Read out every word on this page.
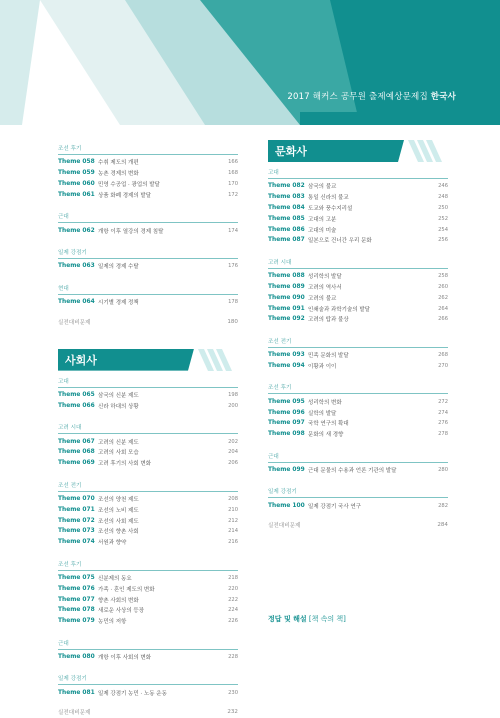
2017 해커스 공무원 출제예상문제집 한국사
조선 후기
Theme 058 수취 제도의 개편	166
Theme 059 농촌 경제의 변화	168
Theme 060 민영 수공업 · 광업의 발달	170
Theme 061 상품 화폐 경제의 발달	172
근대
Theme 062 개항 이후 열강의 경제 침탈	174
일제 강점기
Theme 063 일제의 경제 수탈	176
현대
Theme 064 시기별 경제 정책	178
실전대비문제	180
사회사
고대
Theme 065 삼국의 신분 제도	198
Theme 066 신라 하대의 상황	200
고려 시대
Theme 067 고려의 신분 제도	202
Theme 068 고려의 사회 모습	204
Theme 069 고려 후기의 사회 변화	206
조선 전기
Theme 070 조선의 양천 제도	208
Theme 071 조선의 노비 제도	210
Theme 072 조선의 사회 제도	212
Theme 073 조선의 향촌 사회	214
Theme 074 서원과 향약	216
조선 후기
Theme 075 신분제의 동요	218
Theme 076 가족 · 혼인 제도의 변화	220
Theme 077 향촌 사회의 변화	222
Theme 078 새로운 사상의 등장	224
Theme 079 농민의 저항	226
근대
Theme 080 개항 이후 사회의 변화	228
일제 강점기
Theme 081 일제 강점기 농민 · 노동 운동	230
실전대비문제	232
문화사
고대
Theme 082 삼국의 불교	246
Theme 083 통일 신라의 불교	248
Theme 084 도교와 풍수지리설	250
Theme 085 고대의 고분	252
Theme 086 고대의 미술	254
Theme 087 일본으로 건너간 우리 문화	256
고려 시대
Theme 088 성리학의 발달	258
Theme 089 고려의 역사서	260
Theme 090 고려의 불교	262
Theme 091 인쇄술과 과학기술의 발달	264
Theme 092 고려의 탑과 불상	266
조선 전기
Theme 093 민족 문화의 발달	268
Theme 094 이황과 이이	270
조선 후기
Theme 095 성리학의 변화	272
Theme 096 실학의 발달	274
Theme 097 국학 연구의 확대	276
Theme 098 문화의 새 경향	278
근대
Theme 099 근대 문물의 수용과 언론 기관의 발달	280
일제 강점기
Theme 100 일제 강점기 국사 연구	282
실전대비문제	284
정답 및 해설 [책 속의 책]
